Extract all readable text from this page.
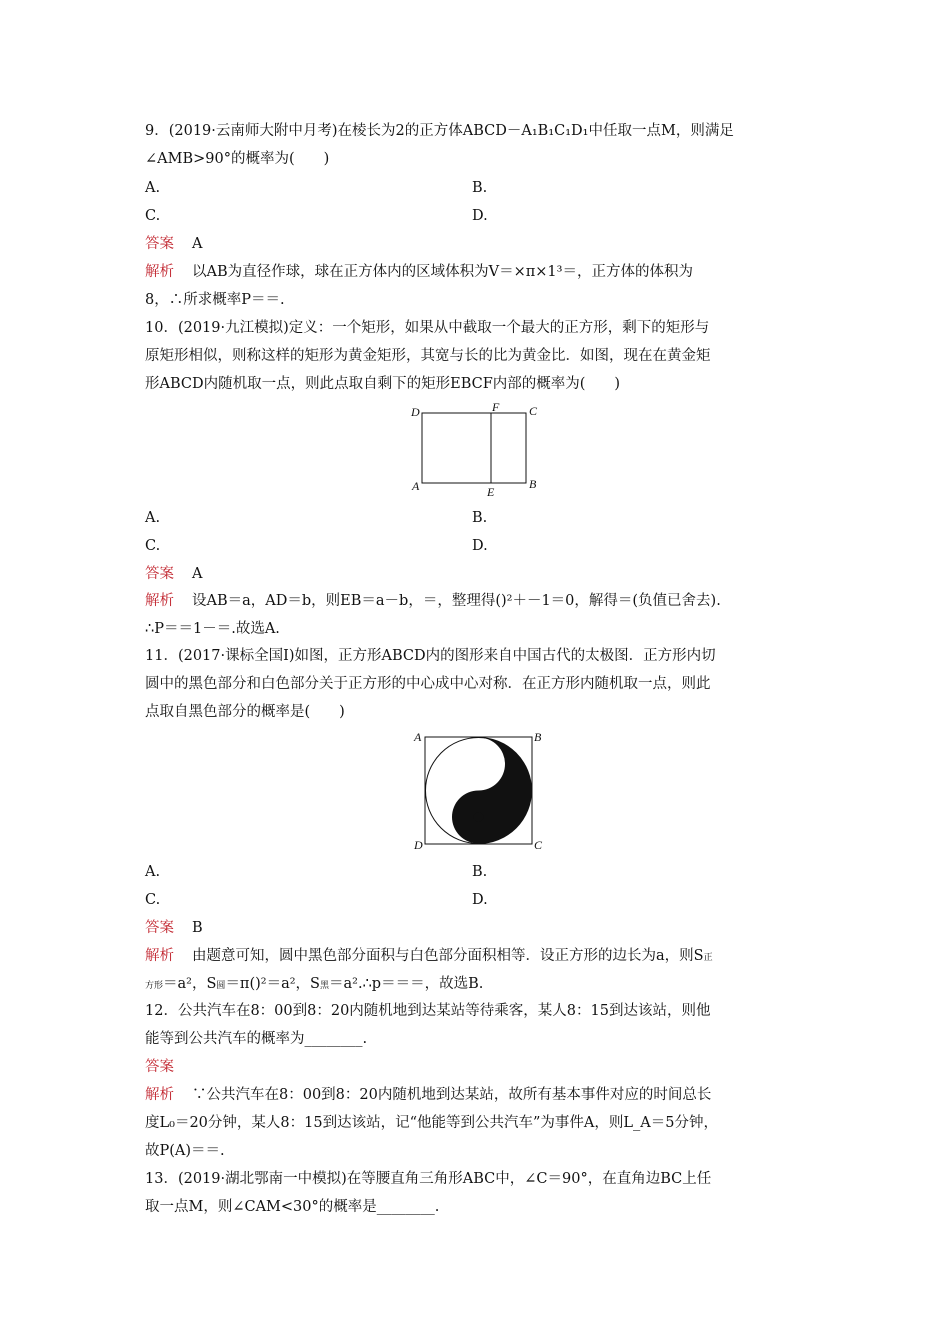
9．(2019·云南师大附中月考)在棱长为2的正方体ABCD－A₁B₁C₁D₁中任取一点M，则满足
∠AMB>90°的概率为(　　)
A.	B.
C.	D.
答案 A
解析 以AB为直径作球，球在正方体内的区域体积为V＝×π×1³＝，正方体的体积为
8，∴所求概率P＝＝.
10．(2019·九江模拟)定义：一个矩形，如果从中截取一个最大的正方形，剩下的矩形与
原矩形相似，则称这样的矩形为黄金矩形，其宽与长的比为黄金比．如图，现在在黄金矩
形ABCD内随机取一点，则此点取自剩下的矩形EBCF内部的概率为(　　)
D	F C
A	E
B
A.	B.
C.	D.
答案 A
解析 设AB＝a，AD＝b，则EB＝a－b，＝，整理得()²＋－1＝0，解得＝(负值已舍去).
∴P＝＝1－＝.故选A.
11．(2017·课标全国Ⅰ)如图，正方形ABCD内的图形来自中国古代的太极图．正方形内切
圆中的黑色部分和白色部分关于正方形的中心成中心对称．在正方形内随机取一点，则此
点取自黑色部分的概率是(　　)
A	B
D	C
A.	B.
C.	D.
答案 B
解析 由题意可知，圆中黑色部分面积与白色部分面积相等．设正方形的边长为a，则S正
方形＝a²，S圆＝π()²＝a²，S黑＝a².∴p＝＝＝，故选B.
12．公共汽车在8：00到8：20内随机地到达某站等待乘客，某人8：15到达该站，则他
能等到公共汽车的概率为________.
答案
解析 ∵公共汽车在8：00到8：20内随机地到达某站，故所有基本事件对应的时间总长
度L₀＝20分钟，某人8：15到达该站，记“他能等到公共汽车”为事件A，则L_A＝5分钟，
故P(A)＝＝.
13．(2019·湖北鄂南一中模拟)在等腰直角三角形ABC中，∠C＝90°，在直角边BC上任
取一点M，则∠CAM<30°的概率是________.
